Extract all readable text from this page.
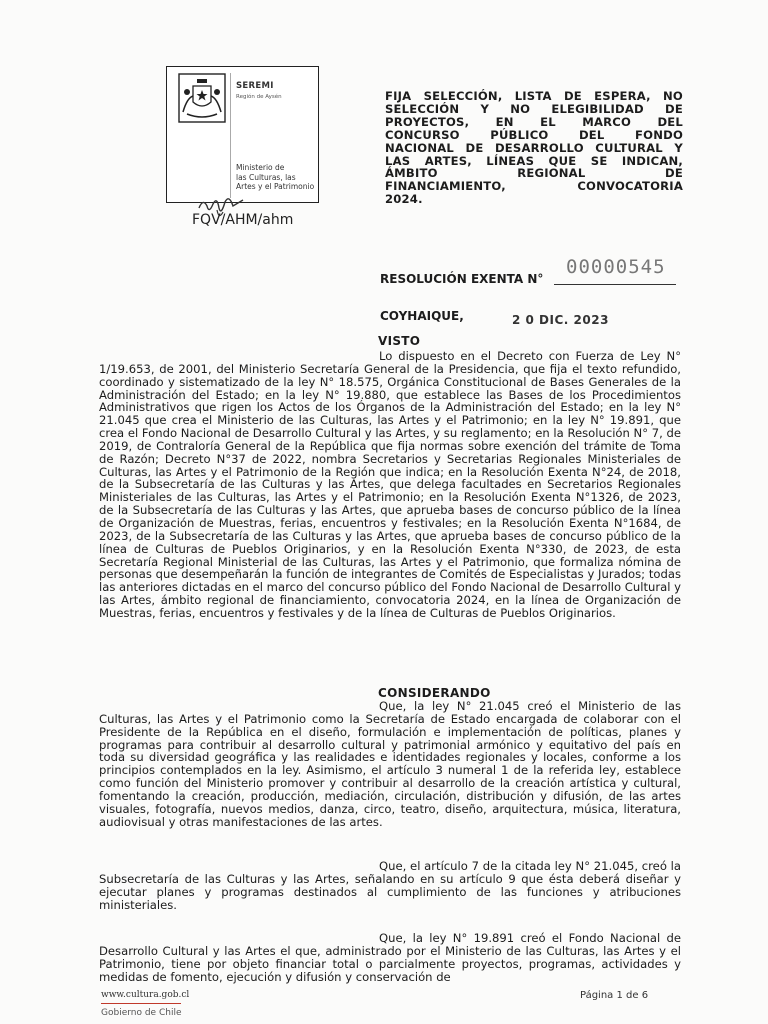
SEREMI
Región de Aysén
Ministerio de
las Culturas, las
Artes y el Patrimonio
FQV/AHM/ahm
FIJA SELECCIÓN, LISTA DE ESPERA, NO
SELECCIÓN Y NO ELEGIBILIDAD DE
PROYECTOS, EN EL MARCO DEL
CONCURSO PÚBLICO DEL FONDO
NACIONAL DE DESARROLLO CULTURAL Y
LAS ARTES, LÍNEAS QUE SE INDICAN,
ÁMBITO REGIONAL DE
FINANCIAMIENTO, CONVOCATORIA
2024.
RESOLUCIÓN EXENTA N°
00000545
COYHAIQUE,	2 0 DIC. 2023
VISTO
Lo dispuesto en el Decreto con Fuerza de Ley N° 1/19.653, de 2001, del Ministerio Secretaría General de la Presidencia, que fija el texto refundido, coordinado y sistematizado de la ley N° 18.575, Orgánica Constitucional de Bases Generales de la Administración del Estado; en la ley N° 19.880, que establece las Bases de los Procedimientos Administrativos que rigen los Actos de los Órganos de la Administración del Estado; en la ley N° 21.045 que crea el Ministerio de las Culturas, las Artes y el Patrimonio; en la ley N° 19.891, que crea el Fondo Nacional de Desarrollo Cultural y las Artes, y su reglamento; en la Resolución N° 7, de 2019, de Contraloría General de la República que fija normas sobre exención del trámite de Toma de Razón; Decreto N°37 de 2022, nombra Secretarios y Secretarias Regionales Ministeriales de Culturas, las Artes y el Patrimonio de la Región que indica; en la Resolución Exenta N°24, de 2018, de la Subsecretaría de las Culturas y las Artes, que delega facultades en Secretarios Regionales Ministeriales de las Culturas, las Artes y el Patrimonio; en la Resolución Exenta N°1326, de 2023, de la Subsecretaría de las Culturas y las Artes, que aprueba bases de concurso público de la línea de Organización de Muestras, ferias, encuentros y festivales; en la Resolución Exenta N°1684, de 2023, de la Subsecretaría de las Culturas y las Artes, que aprueba bases de concurso público de la línea de Culturas de Pueblos Originarios, y en la Resolución Exenta N°330, de 2023, de esta Secretaría Regional Ministerial de las Culturas, las Artes y el Patrimonio, que formaliza nómina de personas que desempeñarán la función de integrantes de Comités de Especialistas y Jurados; todas las anteriores dictadas en el marco del concurso público del Fondo Nacional de Desarrollo Cultural y las Artes, ámbito regional de financiamiento, convocatoria 2024, en la línea de Organización de Muestras, ferias, encuentros y festivales y de la línea de Culturas de Pueblos Originarios.
CONSIDERANDO
Que, la ley N° 21.045 creó el Ministerio de las Culturas, las Artes y el Patrimonio como la Secretaría de Estado encargada de colaborar con el Presidente de la República en el diseño, formulación e implementación de políticas, planes y programas para contribuir al desarrollo cultural y patrimonial armónico y equitativo del país en toda su diversidad geográfica y las realidades e identidades regionales y locales, conforme a los principios contemplados en la ley. Asimismo, el artículo 3 numeral 1 de la referida ley, establece como función del Ministerio promover y contribuir al desarrollo de la creación artística y cultural, fomentando la creación, producción, mediación, circulación, distribución y difusión, de las artes visuales, fotografía, nuevos medios, danza, circo, teatro, diseño, arquitectura, música, literatura, audiovisual y otras manifestaciones de las artes.
Que, el artículo 7 de la citada ley N° 21.045, creó la Subsecretaría de las Culturas y las Artes, señalando en su artículo 9 que ésta deberá diseñar y ejecutar planes y programas destinados al cumplimiento de las funciones y atribuciones ministeriales.
Que, la ley N° 19.891 creó el Fondo Nacional de Desarrollo Cultural y las Artes el que, administrado por el Ministerio de las Culturas, las Artes y el Patrimonio, tiene por objeto financiar total o parcialmente proyectos, programas, actividades y medidas de fomento, ejecución y difusión y conservación de
www.cultura.gob.cl
Gobierno de Chile
Página 1 de 6
